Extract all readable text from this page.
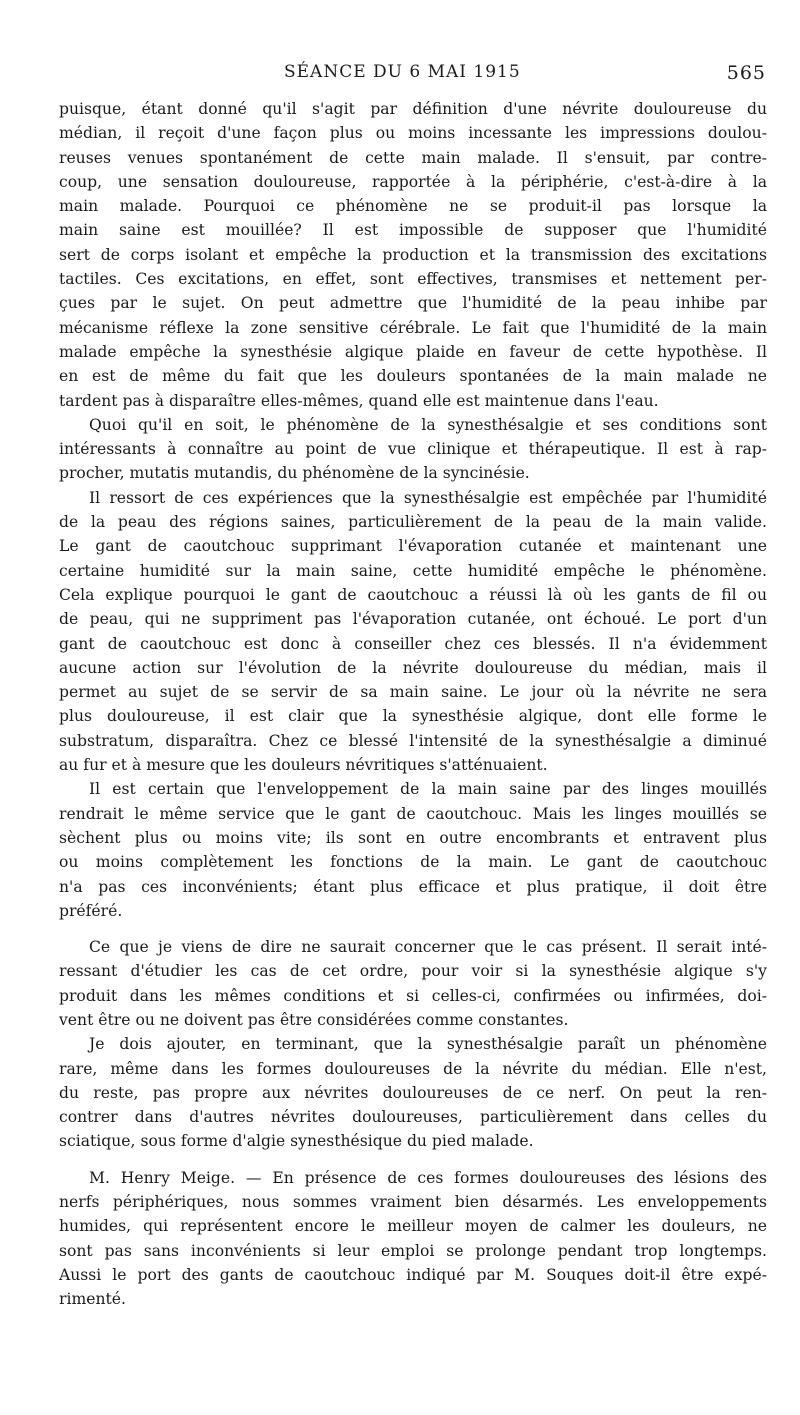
SÉANCE DU 6 MAI 1915	565
puisque, étant donné qu'il s'agit par définition d'une névrite douloureuse du
médian, il reçoit d'une façon plus ou moins incessante les impressions doulou-
reuses venues spontanément de cette main malade. Il s'ensuit, par contre-
coup, une sensation douloureuse, rapportée à la périphérie, c'est-à-dire à la
main malade. Pourquoi ce phénomène ne se produit-il pas lorsque la
main saine est mouillée? Il est impossible de supposer que l'humidité
sert de corps isolant et empêche la production et la transmission des excitations
tactiles. Ces excitations, en effet, sont effectives, transmises et nettement per-
çues par le sujet. On peut admettre que l'humidité de la peau inhibe par
mécanisme réflexe la zone sensitive cérébrale. Le fait que l'humidité de la main
malade empêche la synesthésie algique plaide en faveur de cette hypothèse. Il
en est de même du fait que les douleurs spontanées de la main malade ne
tardent pas à disparaître elles-mêmes, quand elle est maintenue dans l'eau.
Quoi qu'il en soit, le phénomène de la synesthésalgie et ses conditions sont
intéressants à connaître au point de vue clinique et thérapeutique. Il est à rap-
procher, mutatis mutandis, du phénomène de la syncinésie.
Il ressort de ces expériences que la synesthésalgie est empêchée par l'humidité
de la peau des régions saines, particulièrement de la peau de la main valide.
Le gant de caoutchouc supprimant l'évaporation cutanée et maintenant une
certaine humidité sur la main saine, cette humidité empêche le phénomène.
Cela explique pourquoi le gant de caoutchouc a réussi là où les gants de fil ou
de peau, qui ne suppriment pas l'évaporation cutanée, ont échoué. Le port d'un
gant de caoutchouc est donc à conseiller chez ces blessés. Il n'a évidemment
aucune action sur l'évolution de la névrite douloureuse du médian, mais il
permet au sujet de se servir de sa main saine. Le jour où la névrite ne sera
plus douloureuse, il est clair que la synesthésie algique, dont elle forme le
substratum, disparaîtra. Chez ce blessé l'intensité de la synesthésalgie a diminué
au fur et à mesure que les douleurs névritiques s'atténuaient.
Il est certain que l'enveloppement de la main saine par des linges mouillés
rendrait le même service que le gant de caoutchouc. Mais les linges mouillés se
sèchent plus ou moins vite; ils sont en outre encombrants et entravent plus
ou moins complètement les fonctions de la main. Le gant de caoutchouc
n'a pas ces inconvénients; étant plus efficace et plus pratique, il doit être
préféré.
Ce que je viens de dire ne saurait concerner que le cas présent. Il serait inté-
ressant d'étudier les cas de cet ordre, pour voir si la synesthésie algique s'y
produit dans les mêmes conditions et si celles-ci, confirmées ou infirmées, doi-
vent être ou ne doivent pas être considérées comme constantes.
Je dois ajouter, en terminant, que la synesthésalgie paraît un phénomène
rare, même dans les formes douloureuses de la névrite du médian. Elle n'est,
du reste, pas propre aux névrites douloureuses de ce nerf. On peut la ren-
contrer dans d'autres névrites douloureuses, particulièrement dans celles du
sciatique, sous forme d'algie synesthésique du pied malade.
M. Henry Meige. — En présence de ces formes douloureuses des lésions des
nerfs périphériques, nous sommes vraiment bien désarmés. Les enveloppements
humides, qui représentent encore le meilleur moyen de calmer les douleurs, ne
sont pas sans inconvénients si leur emploi se prolonge pendant trop longtemps.
Aussi le port des gants de caoutchouc indiqué par M. Souques doit-il être expé-
rimenté.
